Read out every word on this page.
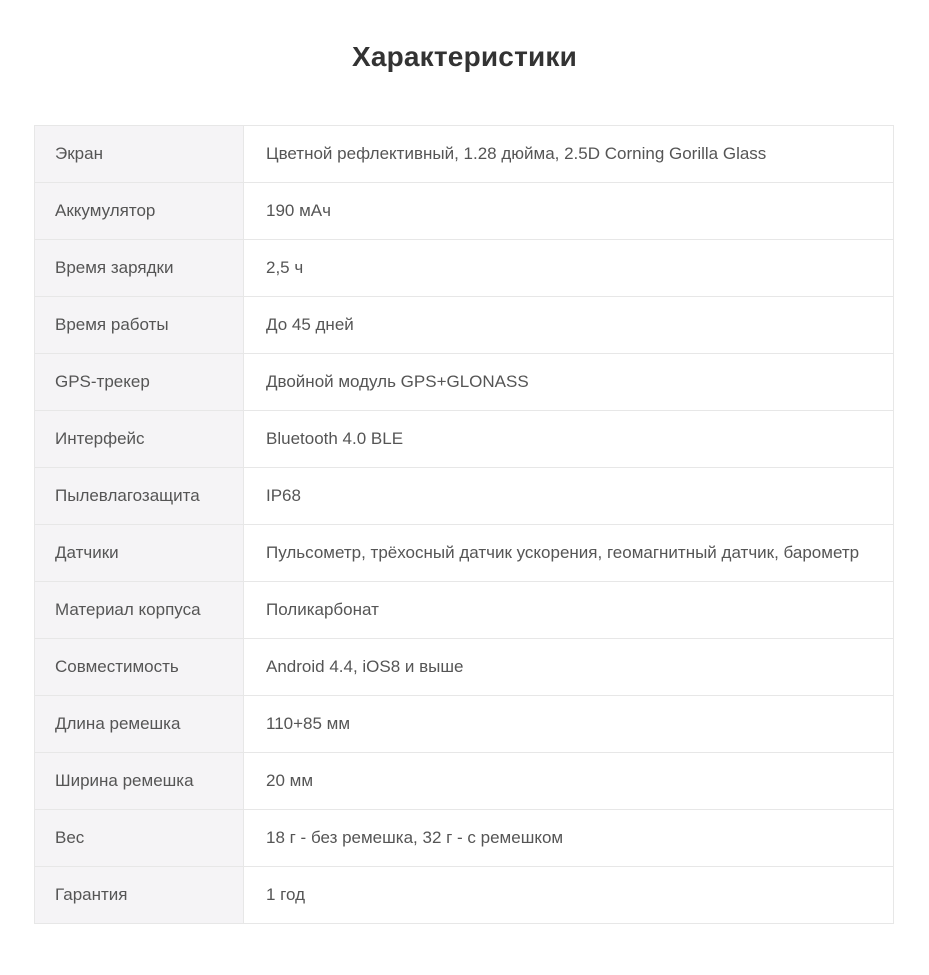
Характеристики
Экран	Цветной рефлективный, 1.28 дюйма, 2.5D Corning Gorilla Glass
Аккумулятор	190 мАч
Время зарядки	2,5 ч
Время работы	До 45 дней
GPS-трекер	Двойной модуль GPS+GLONASS
Интерфейс	Bluetooth 4.0 BLE
Пылевлагозащита	IP68
Датчики	Пульсометр, трёхосный датчик ускорения, геомагнитный датчик, барометр
Материал корпуса	Поликарбонат
Совместимость	Android 4.4, iOS8 и выше
Длина ремешка	110+85 мм
Ширина ремешка	20 мм
Вес	18 г - без ремешка, 32 г - с ремешком
Гарантия	1 год
